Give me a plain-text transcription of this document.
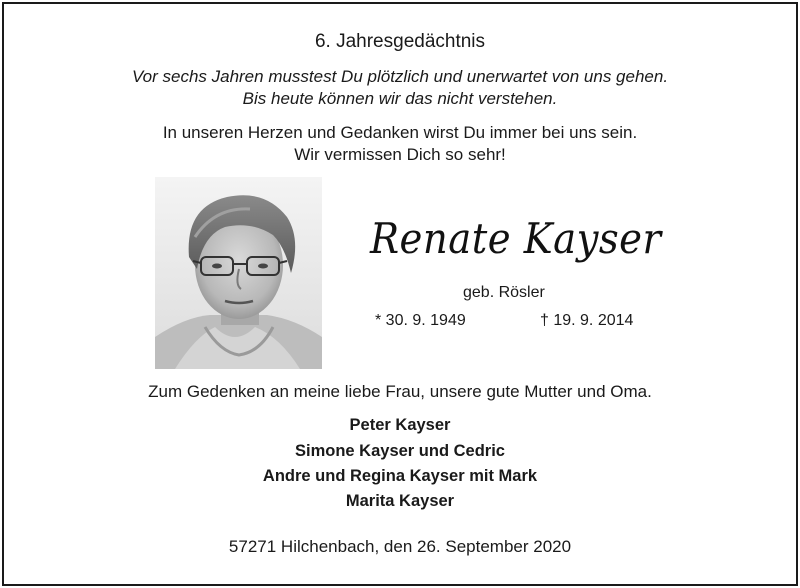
6. Jahresgedächtnis
Vor sechs Jahren musstest Du plötzlich und unerwartet von uns gehen.
Bis heute können wir das nicht verstehen.
In unseren Herzen und Gedanken wirst Du immer bei uns sein.
Wir vermissen Dich so sehr!
Renate Kayser
geb. Rösler
* 30. 9. 1949	† 19. 9. 2014
Zum Gedenken an meine liebe Frau, unsere gute Mutter und Oma.
Peter Kayser
Simone Kayser und Cedric
Andre und Regina Kayser mit Mark
Marita Kayser
57271 Hilchenbach, den 26. September 2020
